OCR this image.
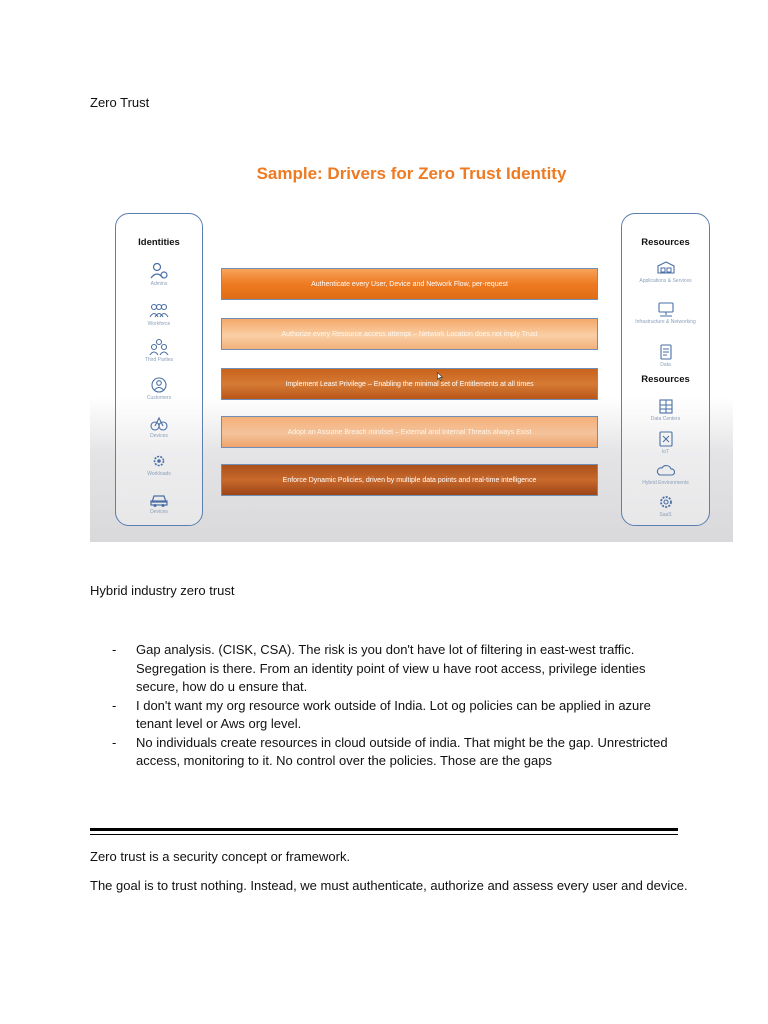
Zero Trust
Sample: Drivers for Zero Trust Identity
Identities
Admins
Workforce
Third Parties
Customers
Devices
Workloads
Devices
Resources
Applications & Services
Infrastructure & Networking
Data
Resources
Data Centers
IoT
Hybrid Environments
SaaS
Authenticate every User, Device and Network Flow, per-request
Authorize every Resource access attempt – Network Location does not imply Trust
Implement Least Privilege – Enabling the minimal set of Entitlements at all times
Adopt an Assume Breach mindset – External and Internal Threats always Exist
Enforce Dynamic Policies, driven by multiple data points and real-time intelligence
Hybrid industry zero trust
- Gap analysis. (CISK, CSA). The risk is you don't have lot of filtering in east-west traffic. Segregation is there. From an identity point of view u have root access, privilege identies secure, how do u ensure that.
- I don't want my org resource work outside of India. Lot og policies can be applied in azure tenant level or Aws org level.
- No individuals create resources in cloud outside of india. That might be the gap. Unrestricted access, monitoring to it. No control over the policies. Those are the gaps
Zero trust is a security concept or framework.
The goal is to trust nothing. Instead, we must authenticate, authorize and assess every user and device.
